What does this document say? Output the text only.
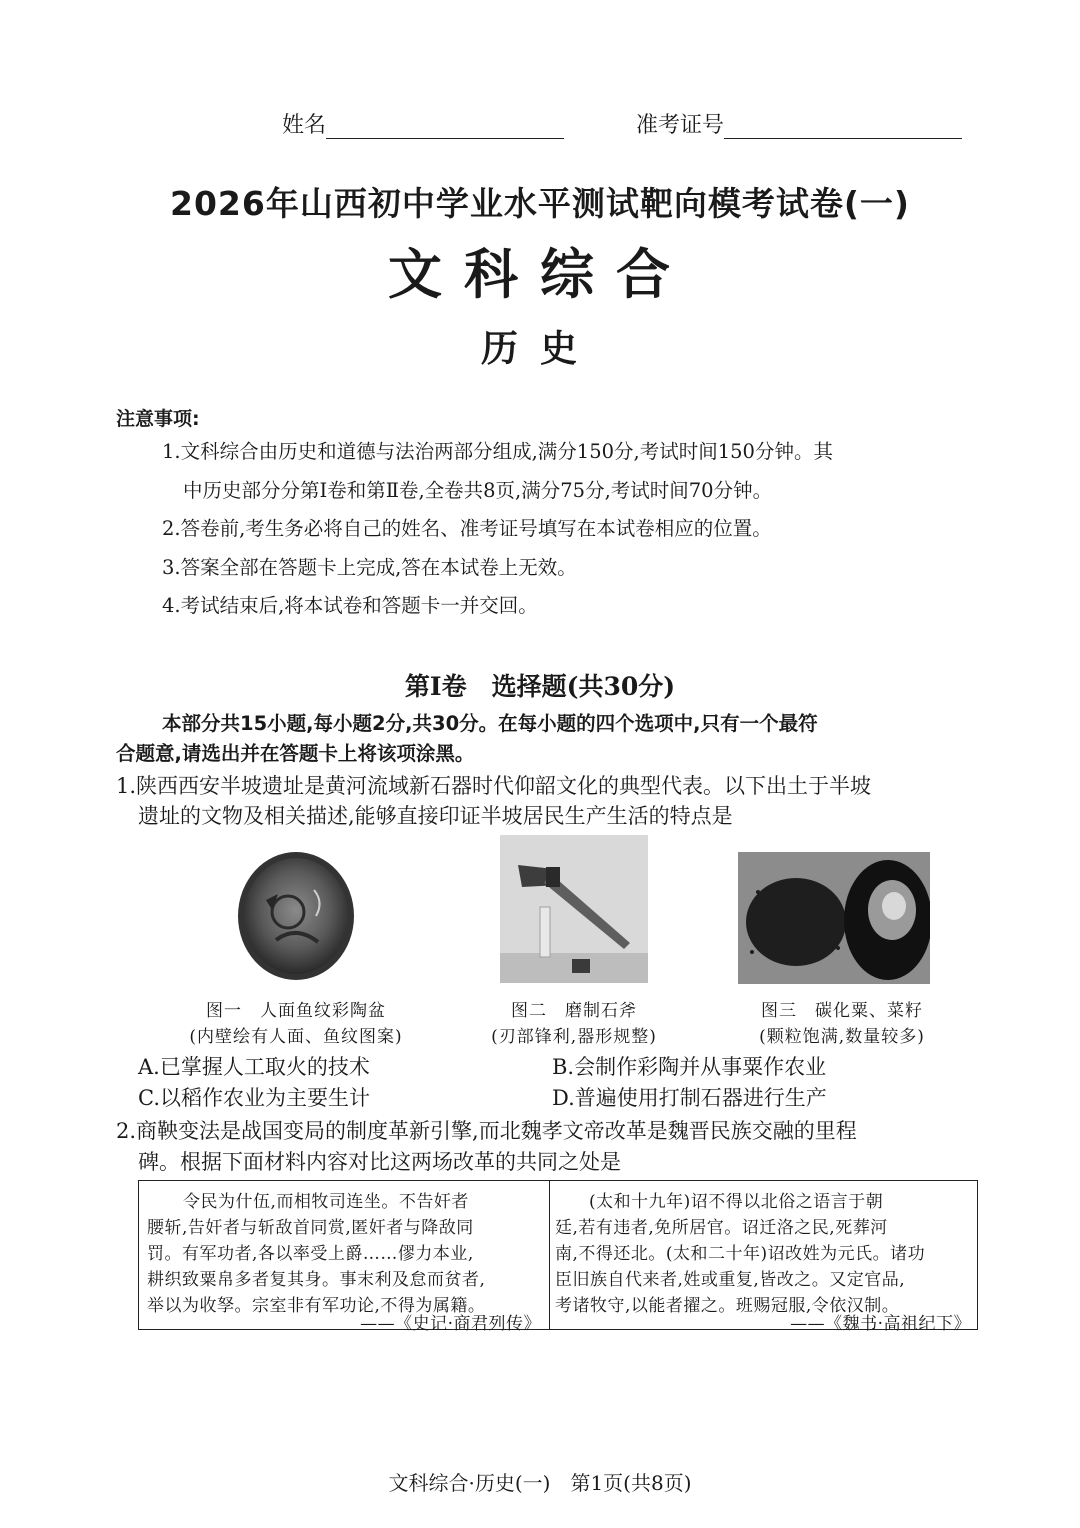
姓名	准考证号
2026年山西初中学业水平测试靶向模考试卷(一)
文科综合
历史
注意事项:
1.文科综合由历史和道德与法治两部分组成,满分150分,考试时间150分钟。其
中历史部分分第Ⅰ卷和第Ⅱ卷,全卷共8页,满分75分,考试时间70分钟。
2.答卷前,考生务必将自己的姓名、准考证号填写在本试卷相应的位置。
3.答案全部在答题卡上完成,答在本试卷上无效。
4.考试结束后,将本试卷和答题卡一并交回。
第Ⅰ卷　选择题(共30分)
本部分共15小题,每小题2分,共30分。在每小题的四个选项中,只有一个最符
合题意,请选出并在答题卡上将该项涂黑。
1.陕西西安半坡遗址是黄河流域新石器时代仰韶文化的典型代表。以下出土于半坡
遗址的文物及相关描述,能够直接印证半坡居民生产生活的特点是
图一　人面鱼纹彩陶盆
(内壁绘有人面、鱼纹图案)
图二　磨制石斧
(刃部锋利,器形规整)
图三　碳化粟、菜籽
(颗粒饱满,数量较多)
A.已掌握人工取火的技术	B.会制作彩陶并从事粟作农业
C.以稻作农业为主要生计	D.普遍使用打制石器进行生产
2.商鞅变法是战国变局的制度革新引擎,而北魏孝文帝改革是魏晋民族交融的里程
碑。根据下面材料内容对比这两场改革的共同之处是
令民为什伍,而相牧司连坐。不告奸者
腰斩,告奸者与斩敌首同赏,匿奸者与降敌同
罚。有军功者,各以率受上爵……僇力本业,
耕织致粟帛多者复其身。事末利及怠而贫者,
举以为收孥。宗室非有军功论,不得为属籍。
——《史记·商君列传》
(太和十九年)诏不得以北俗之语言于朝
廷,若有违者,免所居官。诏迁洛之民,死葬河
南,不得还北。(太和二十年)诏改姓为元氏。诸功
臣旧族自代来者,姓或重复,皆改之。又定官品,
考诸牧守,以能者擢之。班赐冠服,令依汉制。
——《魏书·高祖纪下》
文科综合·历史(一)　第1页(共8页)
